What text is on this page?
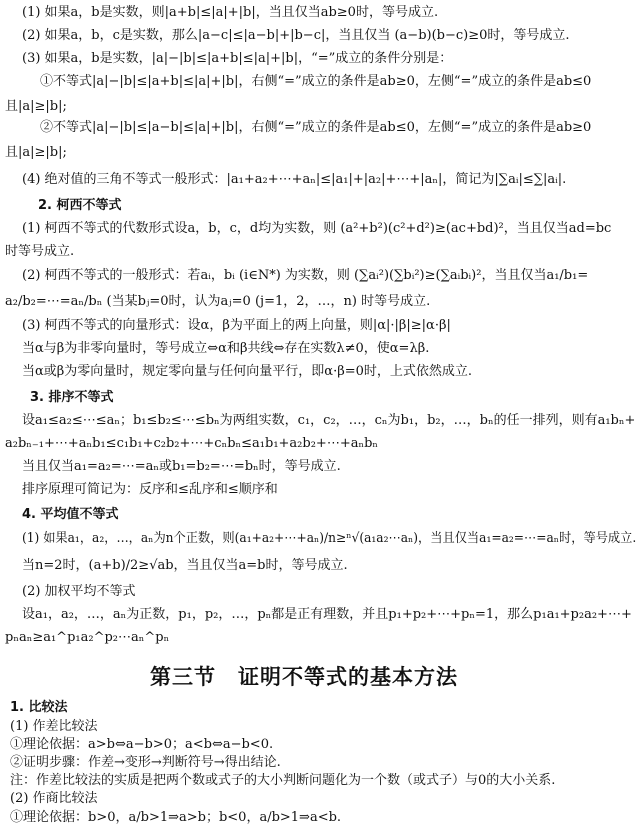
(1) 如果a，b是实数，则|a+b|≤|a|+|b|，当且仅当ab≥0时，等号成立.
(2) 如果a，b，c是实数，那么|a−c|≤|a−b|+|b−c|，当且仅当 (a−b)(b−c)≥0时，等号成立.
(3) 如果a，b是实数，|a|−|b|≤|a+b|≤|a|+|b|，“=”成立的条件分别是：
①不等式|a|−|b|≤|a+b|≤|a|+|b|，右侧“=”成立的条件是ab≥0，左侧“=”成立的条件是ab≤0
且|a|≥|b|;
②不等式|a|−|b|≤|a−b|≤|a|+|b|，右侧“=”成立的条件是ab≤0，左侧“=”成立的条件是ab≥0
且|a|≥|b|;
(4) 绝对值的三角不等式一般形式：|a₁+a₂+⋯+aₙ|≤|a₁|+|a₂|+⋯+|aₙ|，简记为|∑aᵢ|≤∑|aᵢ|.
2. 柯西不等式
(1) 柯西不等式的代数形式设a，b，c，d均为实数，则 (a²+b²)(c²+d²)≥(ac+bd)²，当且仅当ad=bc
时等号成立.
(2) 柯西不等式的一般形式：若aᵢ，bᵢ (i∈N*) 为实数，则 (∑aᵢ²)(∑bᵢ²)≥(∑aᵢbᵢ)²，当且仅当a₁/b₁=
a₂/b₂=⋯=aₙ/bₙ (当某bⱼ=0时，认为aⱼ=0 (j=1，2，…，n) 时等号成立.
(3) 柯西不等式的向量形式：设α，β为平面上的两上向量，则|α|·|β|≥|α·β|
当α与β为非零向量时，等号成立⇔α和β共线⇔存在实数λ≠0，使α=λβ.
当α或β为零向量时，规定零向量与任何向量平行，即α·β=0时，上式依然成立.
3. 排序不等式
设a₁≤a₂≤⋯≤aₙ；b₁≤b₂≤⋯≤bₙ为两组实数，c₁，c₂，…，cₙ为b₁，b₂，…，bₙ的任一排列，则有a₁bₙ+
a₂bₙ₋₁+⋯+aₙb₁≤c₁b₁+c₂b₂+⋯+cₙbₙ≤a₁b₁+a₂b₂+⋯+aₙbₙ
当且仅当a₁=a₂=⋯=aₙ或b₁=b₂=⋯=bₙ时，等号成立.
排序原理可简记为：反序和≤乱序和≤顺序和
4. 平均值不等式
(1) 如果a₁，a₂，…，aₙ为n个正数，则(a₁+a₂+⋯+aₙ)/n≥ⁿ√(a₁a₂⋯aₙ)，当且仅当a₁=a₂=⋯=aₙ时，等号成立.
当n=2时，(a+b)/2≥√ab，当且仅当a=b时，等号成立.
(2) 加权平均不等式
设a₁，a₂，…，aₙ为正数，p₁，p₂，…，pₙ都是正有理数，并且p₁+p₂+⋯+pₙ=1，那么p₁a₁+p₂a₂+⋯+
pₙaₙ≥a₁^p₁a₂^p₂⋯aₙ^pₙ
第三节　证明不等式的基本方法
1. 比较法
(1) 作差比较法
①理论依据：a>b⇔a−b>0；a<b⇔a−b<0.
②证明步骤：作差→变形→判断符号→得出结论.
注：作差比较法的实质是把两个数或式子的大小判断问题化为一个数（或式子）与0的大小关系.
(2) 作商比较法
①理论依据：b>0，a/b>1⇒a>b；b<0，a/b>1⇒a<b.
